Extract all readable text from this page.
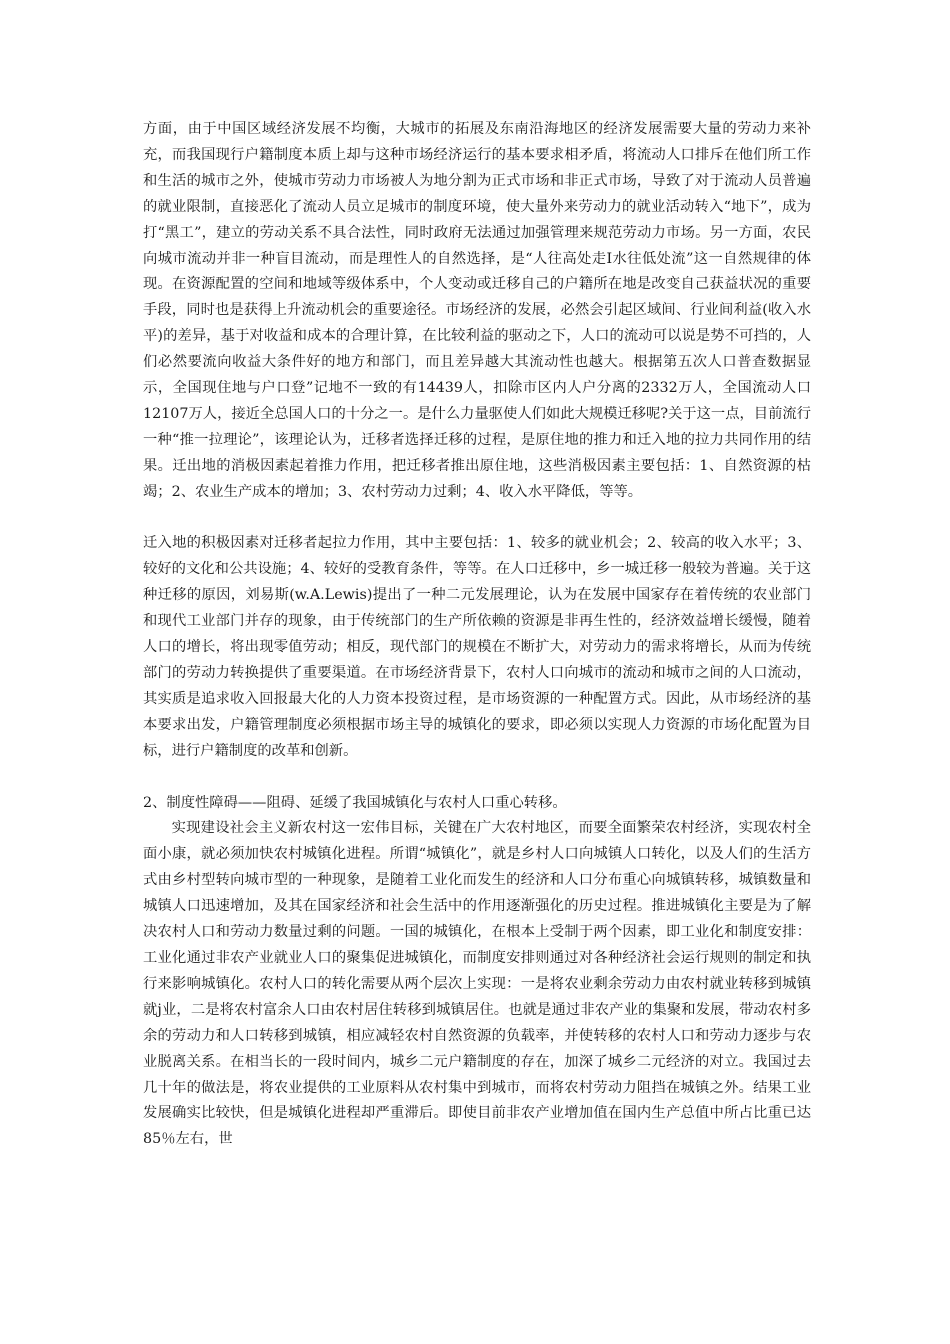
方面，由于中国区域经济发展不均衡，大城市的拓展及东南沿海地区的经济发展需要大量的劳动力来补充，而我国现行户籍制度本质上却与这种市场经济运行的基本要求相矛盾，将流动人口排斥在他们所工作和生活的城市之外，使城市劳动力市场被人为地分割为正式市场和非正式市场，导致了对于流动人员普遍的就业限制，直接恶化了流动人员立足城市的制度环境，使大量外来劳动力的就业活动转入“地下”，成为打“黑工”，建立的劳动关系不具合法性，同时政府无法通过加强管理来规范劳动力市场。另一方面，农民向城市流动并非一种盲目流动，而是理性人的自然选择，是“人往高处走I水往低处流”这一自然规律的体现。在资源配置的空间和地域等级体系中，个人变动或迁移自己的户籍所在地是改变自己获益状况的重要手段，同时也是获得上升流动机会的重要途径。市场经济的发展，必然会引起区域间、行业间利益(收入水平)的差异，基于对收益和成本的合理计算，在比较利益的驱动之下，人口的流动可以说是势不可挡的，人们必然要流向收益大条件好的地方和部门，而且差异越大其流动性也越大。根据第五次人口普查数据显示，全国现住地与户口登”记地不一致的有14439人，扣除市区内人户分离的2332万人，全国流动人口12107万人，接近全总国人口的十分之一。是什么力量驱使人们如此大规模迁移呢?关于这一点，目前流行一种“推一拉理论”，该理论认为，迁移者选择迁移的过程，是原住地的推力和迁入地的拉力共同作用的结果。迁出地的消极因素起着推力作用，把迁移者推出原住地，这些消极因素主要包括：1、自然资源的枯竭；2、农业生产成本的增加；3、农村劳动力过剩；4、收入水平降低，等等。

迁入地的积极因素对迁移者起拉力作用，其中主要包括：1、较多的就业机会；2、较高的收入水平；3、较好的文化和公共设施；4、较好的受教育条件，等等。在人口迁移中，乡一城迁移一般较为普遍。关于这种迁移的原因，刘易斯(w.A.Lewis)提出了一种二元发展理论，认为在发展中国家存在着传统的农业部门和现代工业部门并存的现象，由于传统部门的生产所依赖的资源是非再生性的，经济效益增长缓慢，随着人口的增长，将出现零值劳动；相反，现代部门的规模在不断扩大，对劳动力的需求将增长，从而为传统部门的劳动力转换提供了重要渠道。在市场经济背景下，农村人口向城市的流动和城市之间的人口流动，其实质是追求收入回报最大化的人力资本投资过程，是市场资源的一种配置方式。因此，从市场经济的基本要求出发，户籍管理制度必须根据市场主导的城镇化的要求，即必须以实现人力资源的市场化配置为目标，进行户籍制度的改革和创新。

2、制度性障碍——阻碍、延缓了我国城镇化与农村人口重心转移。

实现建设社会主义新农村这一宏伟目标，关键在广大农村地区，而要全面繁荣农村经济，实现农村全面小康，就必须加快农村城镇化进程。所谓“城镇化”，就是乡村人口向城镇人口转化，以及人们的生活方式由乡村型转向城市型的一种现象，是随着工业化而发生的经济和人口分布重心向城镇转移，城镇数量和城镇人口迅速增加，及其在国家经济和社会生活中的作用逐渐强化的历史过程。推进城镇化主要是为了解决农村人口和劳动力数量过剩的问题。一国的城镇化，在根本上受制于两个因素，即工业化和制度安排：工业化通过非农产业就业人口的聚集促进城镇化，而制度安排则通过对各种经济社会运行规则的制定和执行来影响城镇化。农村人口的转化需要从两个层次上实现：一是将农业剩余劳动力由农村就业转移到城镇就j业，二是将农村富余人口由农村居住转移到城镇居住。也就是通过非农产业的集聚和发展，带动农村多余的劳动力和人口转移到城镇，相应减轻农村自然资源的负载率，并使转移的农村人口和劳动力逐步与农业脱离关系。在相当长的一段时间内，城乡二元户籍制度的存在，加深了城乡二元经济的对立。我国过去几十年的做法是，将农业提供的工业原料从农村集中到城市，而将农村劳动力阻挡在城镇之外。结果工业发展确实比较快，但是城镇化进程却严重滞后。即使目前非农产业增加值在国内生产总值中所占比重已达85％左右，世
